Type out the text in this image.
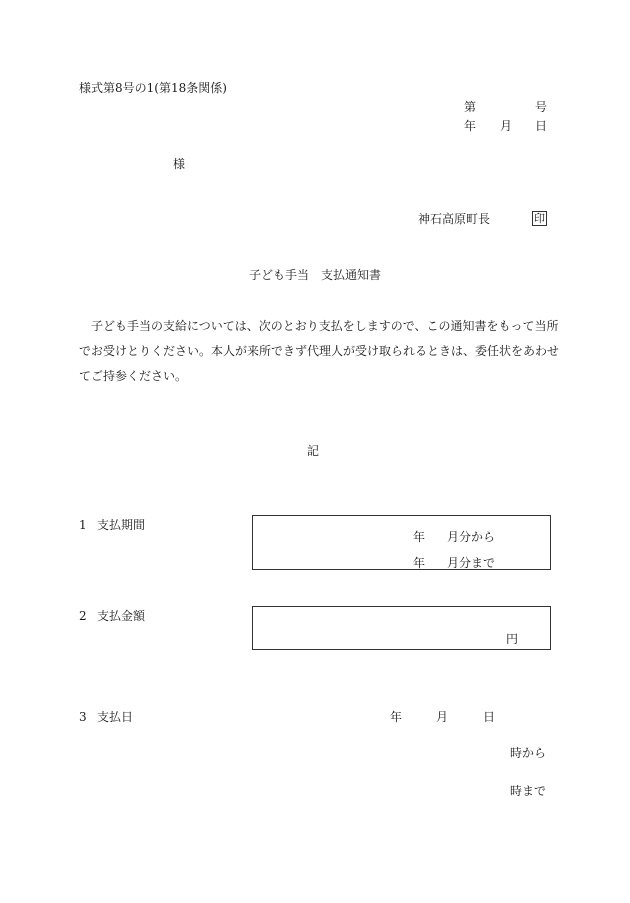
様式第8号の1(第18条関係)
第	号
年 月 日
様
神石高原町長	印
子ども手当　支払通知書
子ども手当の支給については、次のとおり支払をしますので、この通知書をもって当所
でお受けとりください。本人が来所できず代理人が受け取られるときは、委任状をあわせ
てご持参ください。
記
1 支払期間
年 月分から
年 月分まで
2 支払金額
円
3 支払日	年	月	日
時から
時まで
